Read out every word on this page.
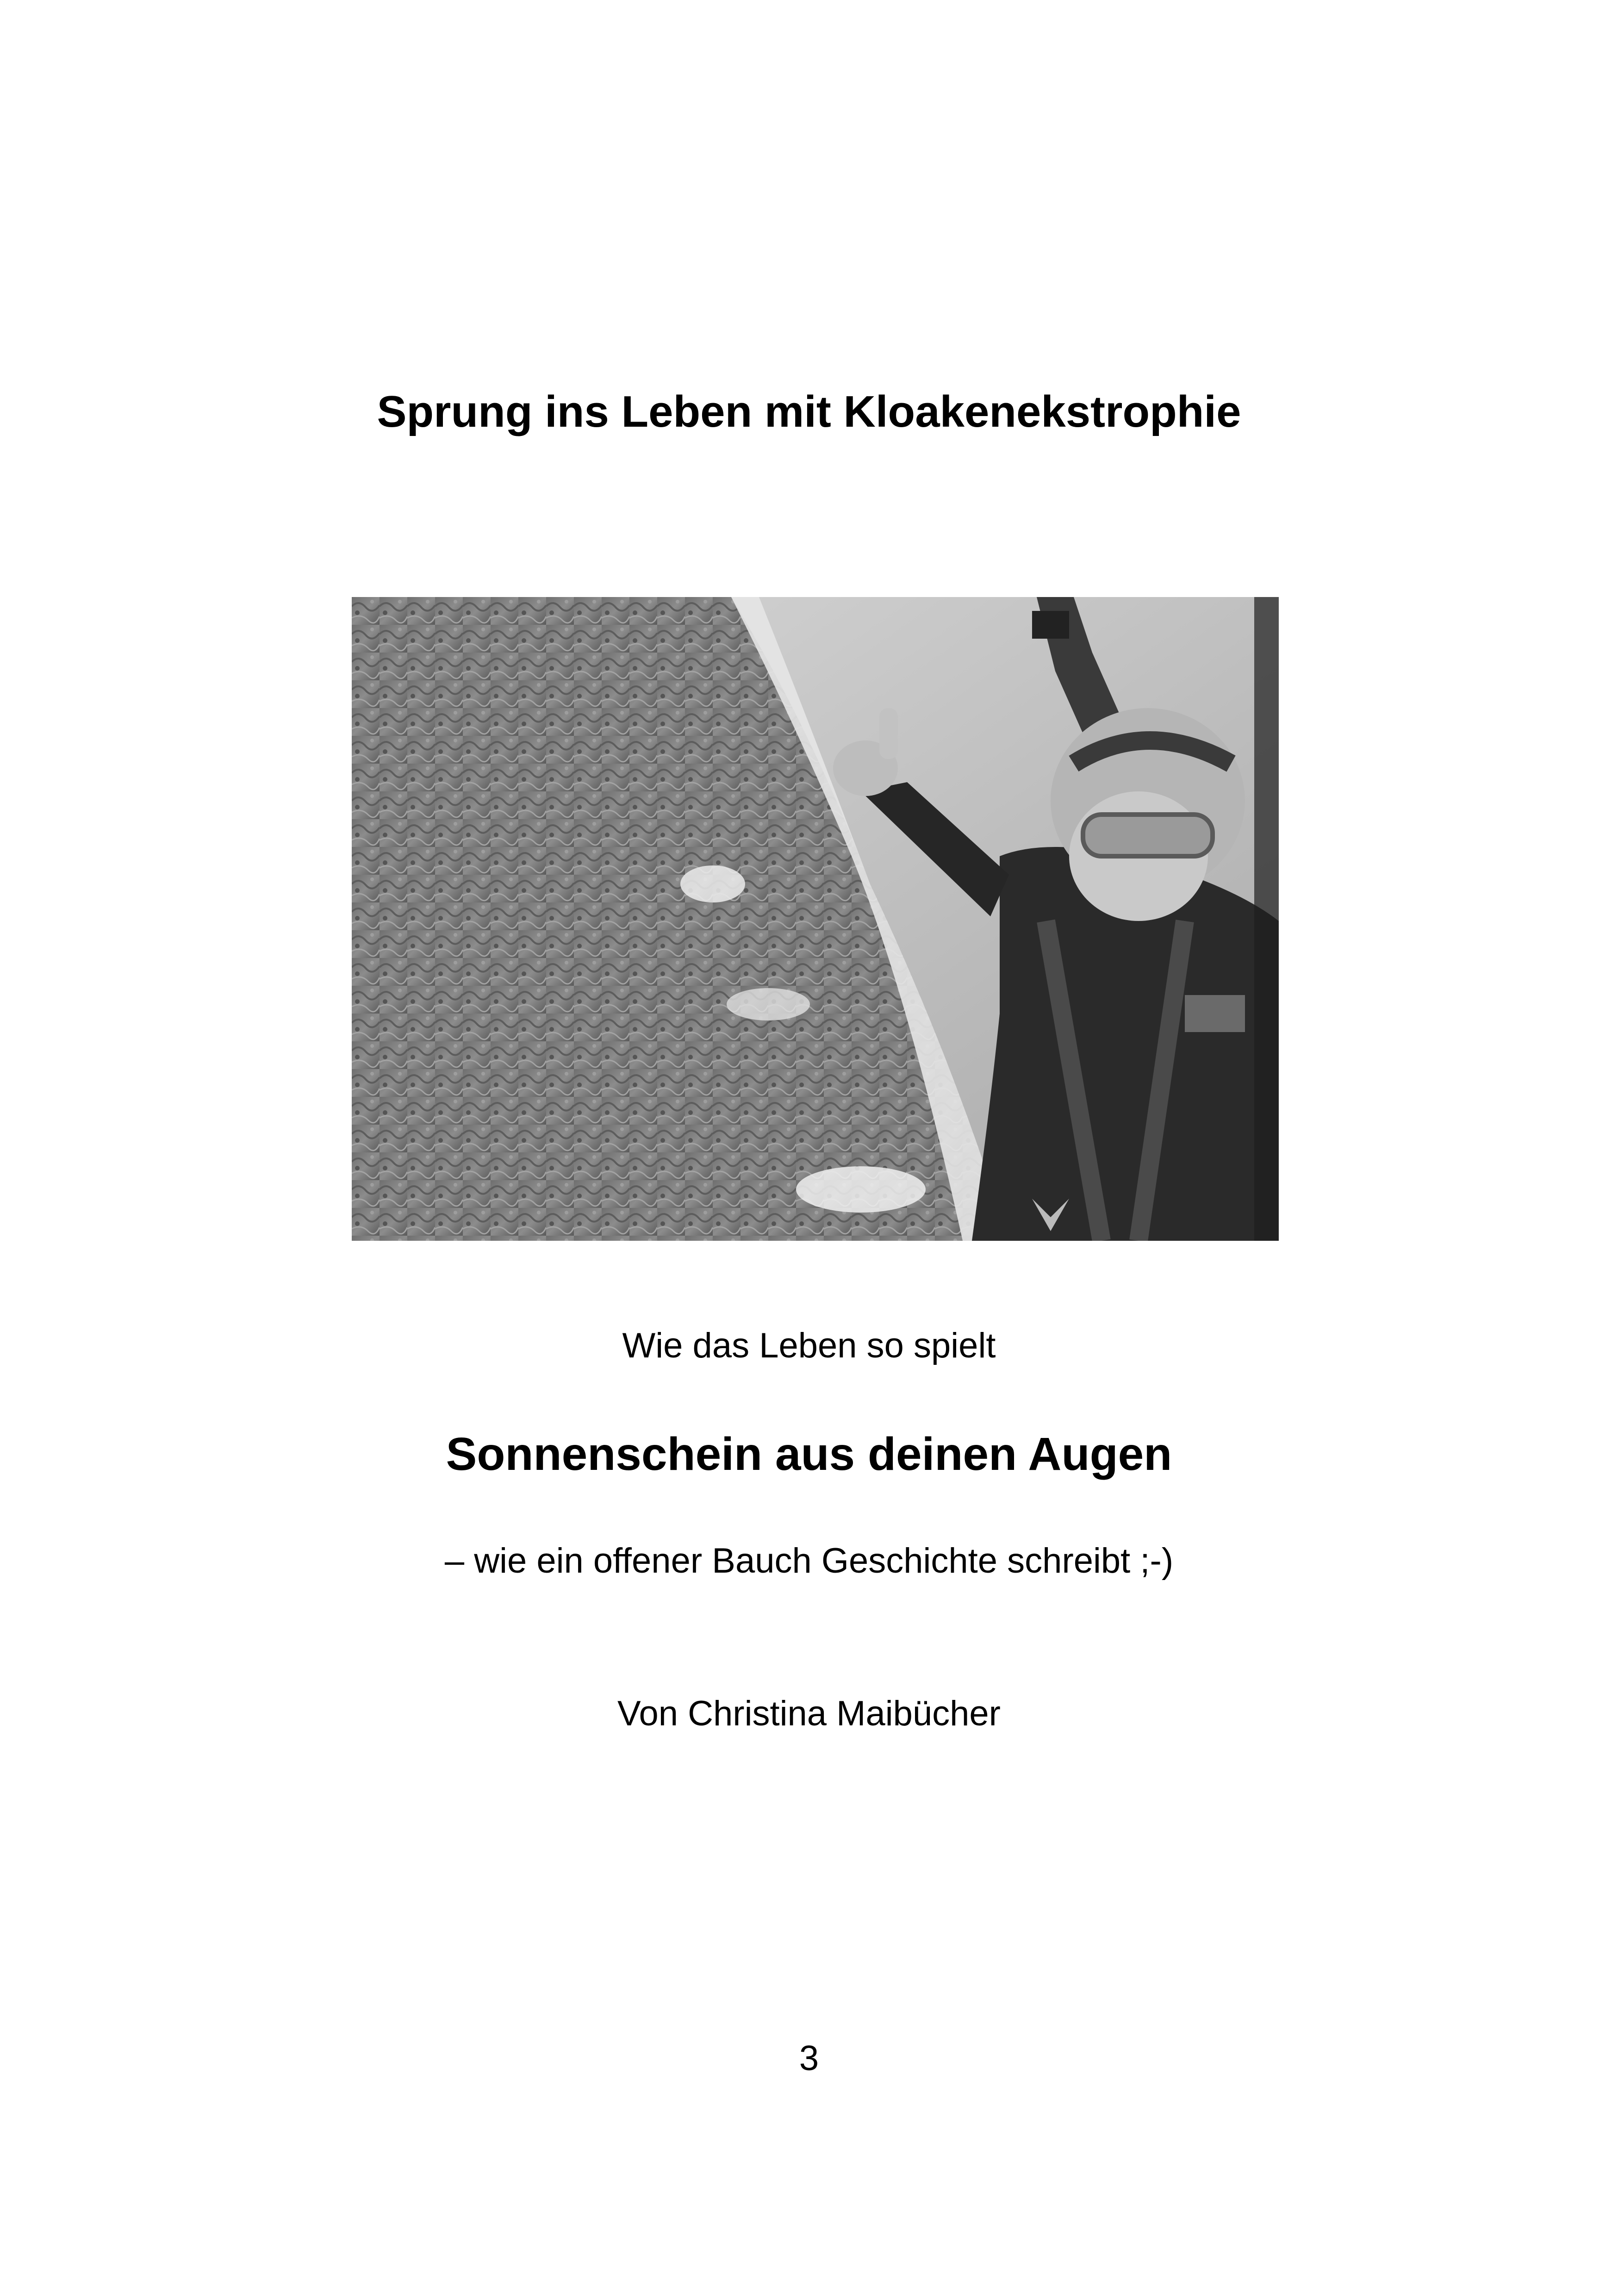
Sprung ins Leben mit Kloakenekstrophie

Wie das Leben so spielt

Sonnenschein aus deinen Augen

– wie ein offener Bauch Geschichte schreibt ;-)

Von Christina Maibücher

3
